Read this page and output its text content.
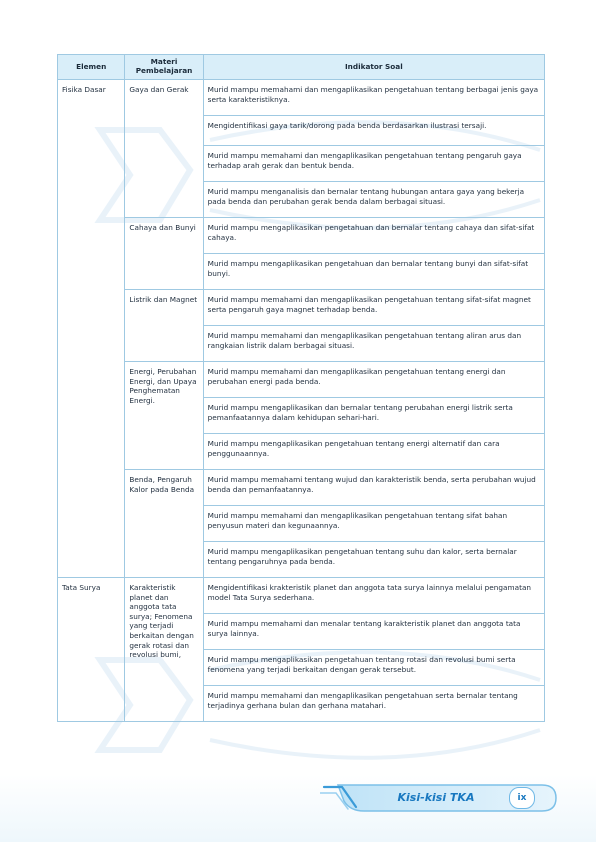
Elemen	Materi Pembelajaran	Indikator Soal
Fisika Dasar	Gaya dan Gerak	Murid mampu memahami dan mengaplikasikan pengetahuan tentang berbagai jenis gaya serta karakteristiknya.
		Mengidentifikasi gaya tarik/dorong pada benda berdasarkan ilustrasi tersaji.
		Murid mampu memahami dan mengaplikasikan pengetahuan tentang pengaruh gaya terhadap arah gerak dan bentuk benda.
		Murid mampu menganalisis dan bernalar tentang hubungan antara gaya yang bekerja pada benda dan perubahan gerak benda dalam berbagai situasi.
	Cahaya dan Bunyi	Murid mampu mengaplikasikan pengetahuan dan bernalar tentang cahaya dan sifat-sifat cahaya.
		Murid mampu mengaplikasikan pengetahuan dan bernalar tentang bunyi dan sifat-sifat bunyi.
	Listrik dan Magnet	Murid mampu memahami dan mengaplikasikan pengetahuan tentang sifat-sifat magnet serta pengaruh gaya magnet terhadap benda.
		Murid mampu memahami dan mengaplikasikan pengetahuan tentang aliran arus dan rangkaian listrik dalam berbagai situasi.
	Energi, Perubahan Energi, dan Upaya Penghematan Energi.	Murid mampu memahami dan mengaplikasikan pengetahuan tentang energi dan perubahan energi pada benda.
		Murid mampu mengaplikasikan dan bernalar tentang perubahan energi listrik serta pemanfaatannya dalam kehidupan sehari-hari.
		Murid mampu mengaplikasikan pengetahuan tentang energi alternatif dan cara penggunaannya.
	Benda, Pengaruh Kalor pada Benda	Murid mampu memahami tentang wujud dan karakteristik benda, serta perubahan wujud benda dan pemanfaatannya.
		Murid mampu memahami dan mengaplikasikan pengetahuan tentang sifat bahan penyusun materi dan kegunaannya.
		Murid mampu mengaplikasikan pengetahuan tentang suhu dan kalor, serta bernalar tentang pengaruhnya pada benda.
Tata Surya	Karakteristik planet dan anggota tata surya; Fenomena yang terjadi berkaitan dengan gerak rotasi dan revolusi bumi,	Mengidentifikasi krakteristik planet dan anggota tata surya lainnya melalui pengamatan model Tata Surya sederhana.
		Murid mampu memahami dan menalar tentang karakteristik planet dan anggota tata surya lainnya.
		Murid mampu mengaplikasikan pengetahuan tentang rotasi dan revolusi bumi serta fenomena yang terjadi berkaitan dengan gerak tersebut.
		Murid mampu memahami dan mengaplikasikan pengetahuan serta bernalar tentang terjadinya gerhana bulan dan gerhana matahari.
Kisi-kisi TKA	ix
